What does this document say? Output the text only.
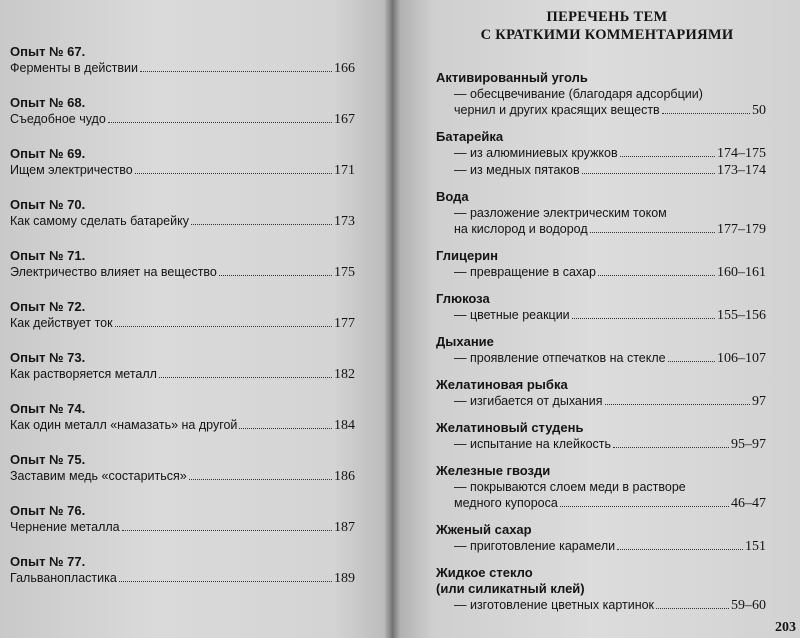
Опыт № 67.
Ферменты в действии	166
Опыт № 68.
Съедобное чудо	167
Опыт № 69.
Ищем электричество	171
Опыт № 70.
Как самому сделать батарейку	173
Опыт № 71.
Электричество влияет на вещество	175
Опыт № 72.
Как действует ток	177
Опыт № 73.
Как растворяется металл	182
Опыт № 74.
Как один металл «намазать» на другой	184
Опыт № 75.
Заставим медь «состариться»	186
Опыт № 76.
Чернение металла	187
Опыт № 77.
Гальванопластика	189
ПЕРЕЧЕНЬ ТЕМ
С КРАТКИМИ КОММЕНТАРИЯМИ
Активированный уголь
— обесцвечивание (благодаря адсорбции)
чернил и других красящих веществ	50
Батарейка
— из алюминиевых кружков	174–175
— из медных пятаков	173–174
Вода
— разложение электрическим током
на кислород и водород	177–179
Глицерин
— превращение в сахар	160–161
Глюкоза
— цветные реакции	155–156
Дыхание
— проявление отпечатков на стекле	106–107
Желатиновая рыбка
— изгибается от дыхания	97
Желатиновый студень
— испытание на клейкость	95–97
Железные гвозди
— покрываются слоем меди в растворе
медного купороса	46–47
Жженый сахар
— приготовление карамели	151
Жидкое стекло
(или силикатный клей)
— изготовление цветных картинок	59–60
203
